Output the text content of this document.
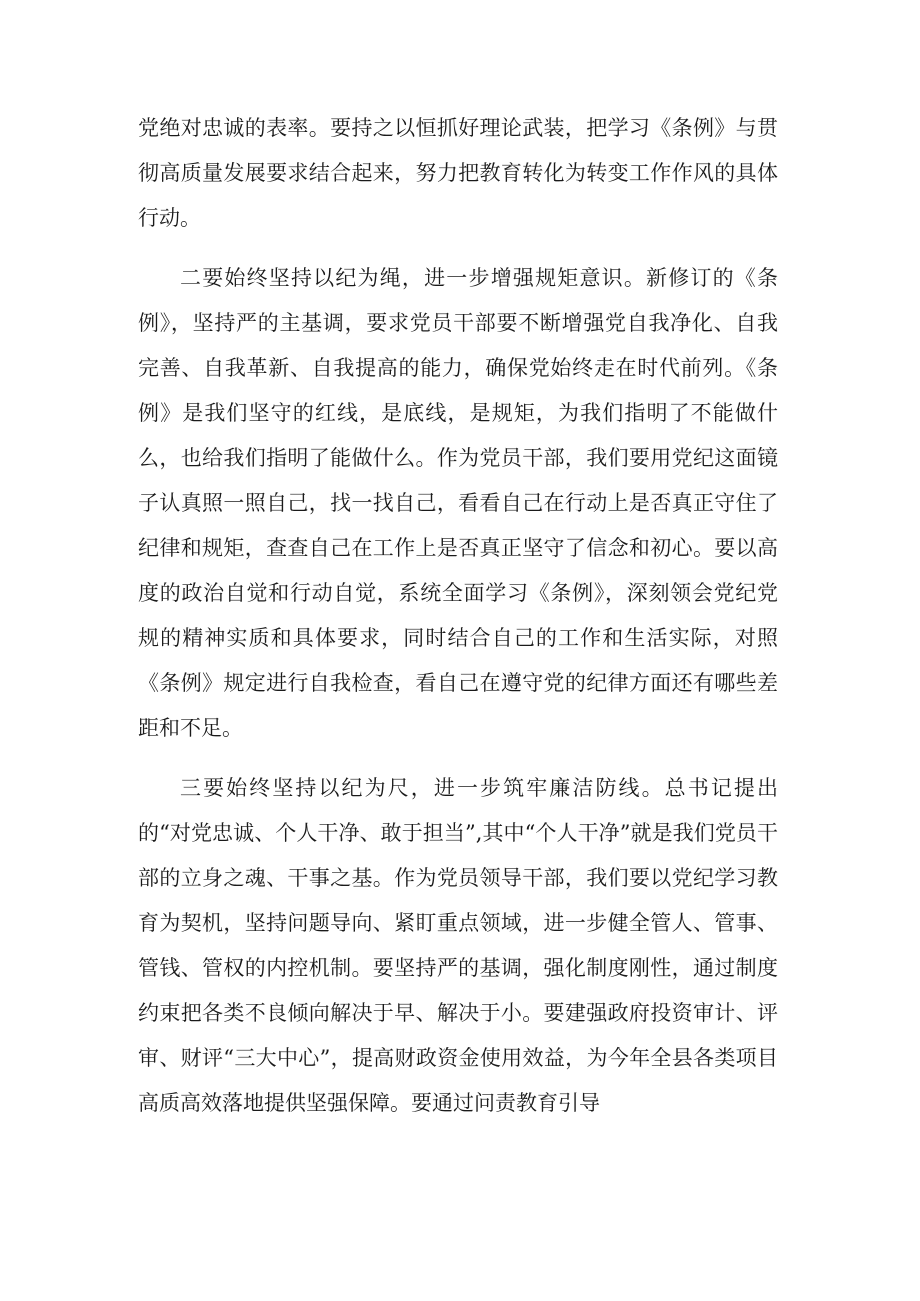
党绝对忠诚的表率。要持之以恒抓好理论武装，把学习《条例》与贯彻高质量发展要求结合起来，努力把教育转化为转变工作作风的具体行动。

二要始终坚持以纪为绳，进一步增强规矩意识。新修订的《条例》，坚持严的主基调，要求党员干部要不断增强党自我净化、自我完善、自我革新、自我提高的能力，确保党始终走在时代前列。《条例》是我们坚守的红线，是底线，是规矩，为我们指明了不能做什么，也给我们指明了能做什么。作为党员干部，我们要用党纪这面镜子认真照一照自己，找一找自己，看看自己在行动上是否真正守住了纪律和规矩，查查自己在工作上是否真正坚守了信念和初心。要以高度的政治自觉和行动自觉，系统全面学习《条例》，深刻领会党纪党规的精神实质和具体要求，同时结合自己的工作和生活实际，对照《条例》规定进行自我检查，看自己在遵守党的纪律方面还有哪些差距和不足。

三要始终坚持以纪为尺，进一步筑牢廉洁防线。总书记提出的“对党忠诚、个人干净、敢于担当”,其中“个人干净”就是我们党员干部的立身之魂、干事之基。作为党员领导干部，我们要以党纪学习教育为契机，坚持问题导向、紧盯重点领域，进一步健全管人、管事、管钱、管权的内控机制。要坚持严的基调，强化制度刚性，通过制度约束把各类不良倾向解决于早、解决于小。要建强政府投资审计、评审、财评“三大中心”，提高财政资金使用效益，为今年全县各类项目高质高效落地提供坚强保障。要通过问责教育引导
